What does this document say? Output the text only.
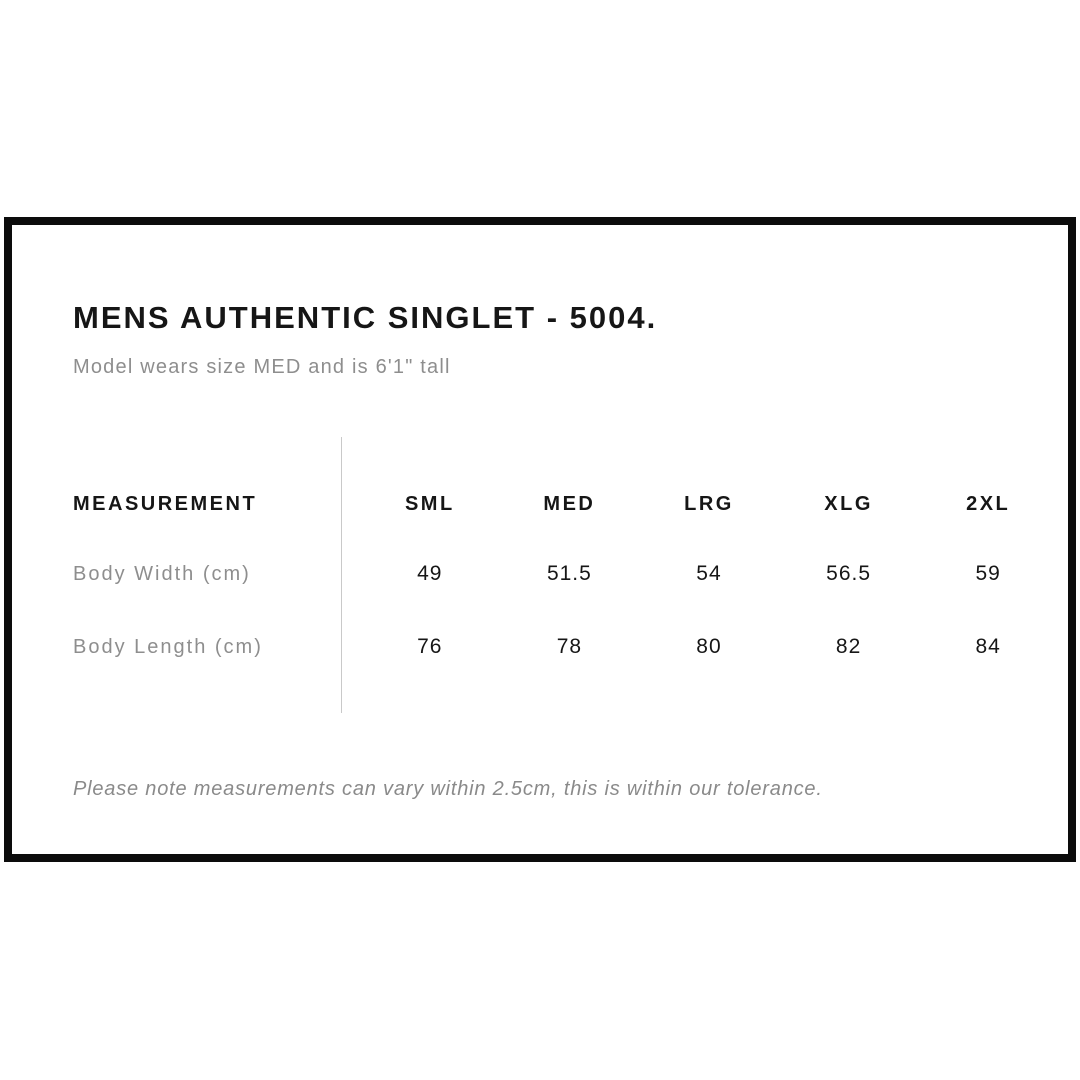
MENS AUTHENTIC SINGLET - 5004.

Model wears size MED and is 6'1" tall

MEASUREMENT	SML	MED	LRG	XLG	2XL
Body Width (cm)	49	51.5	54	56.5	59
Body Length (cm)	76	78	80	82	84

Please note measurements can vary within 2.5cm, this is within our tolerance.
